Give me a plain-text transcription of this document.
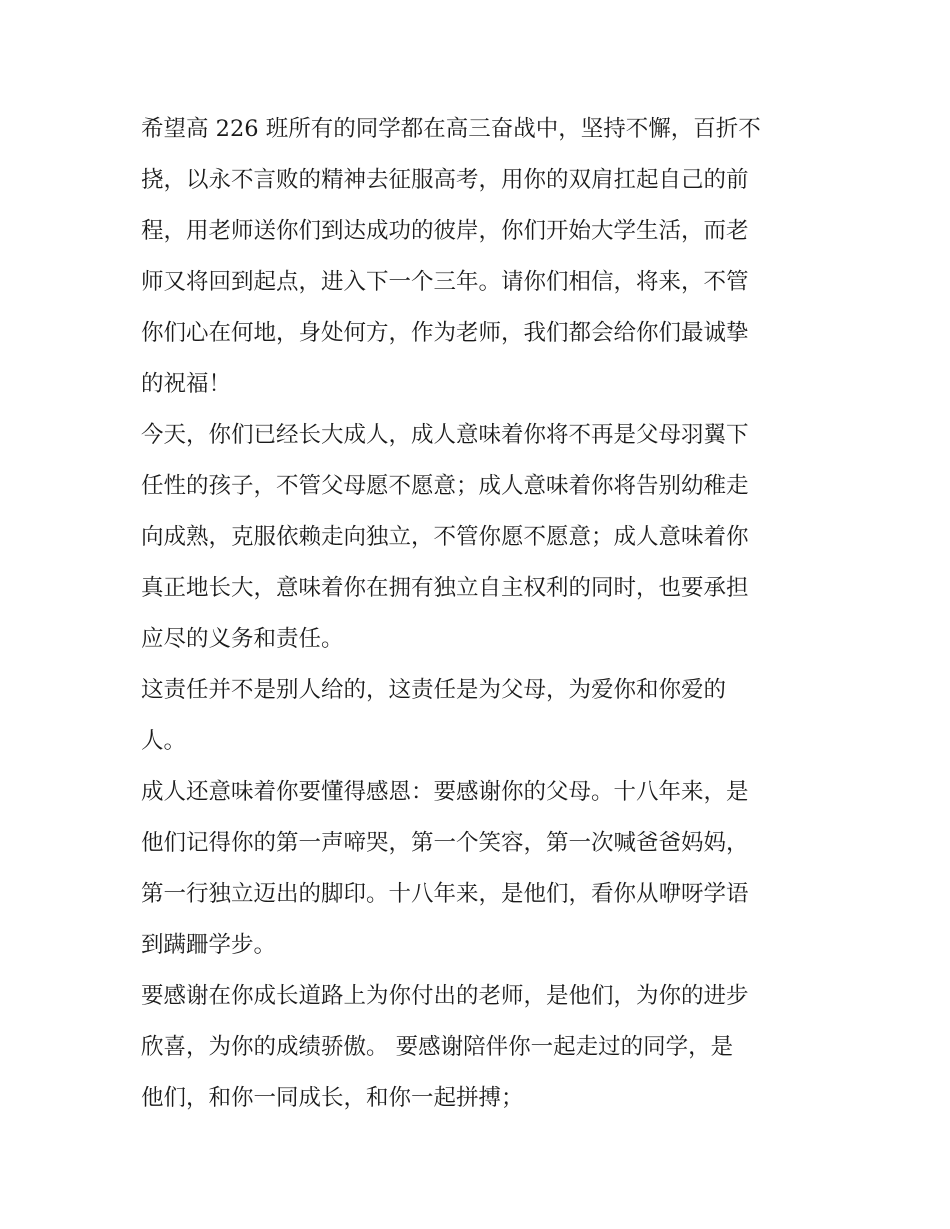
希望高 226 班所有的同学都在高三奋战中，坚持不懈，百折不
挠，以永不言败的精神去征服高考，用你的双肩扛起自己的前
程，用老师送你们到达成功的彼岸，你们开始大学生活，而老
师又将回到起点，进入下一个三年。请你们相信，将来，不管
你们心在何地，身处何方，作为老师，我们都会给你们最诚挚
的祝福！
今天，你们已经长大成人，成人意味着你将不再是父母羽翼下
任性的孩子，不管父母愿不愿意；成人意味着你将告别幼稚走
向成熟，克服依赖走向独立，不管你愿不愿意；成人意味着你
真正地长大，意味着你在拥有独立自主权利的同时，也要承担
应尽的义务和责任。
这责任并不是别人给的，这责任是为父母，为爱你和你爱的
人。
成人还意味着你要懂得感恩：要感谢你的父母。十八年来，是
他们记得你的第一声啼哭，第一个笑容，第一次喊爸爸妈妈，
第一行独立迈出的脚印。十八年来，是他们，看你从咿呀学语
到蹒跚学步。
要感谢在你成长道路上为你付出的老师，是他们，为你的进步
欣喜，为你的成绩骄傲。 要感谢陪伴你一起走过的同学，是
他们，和你一同成长，和你一起拼搏；
